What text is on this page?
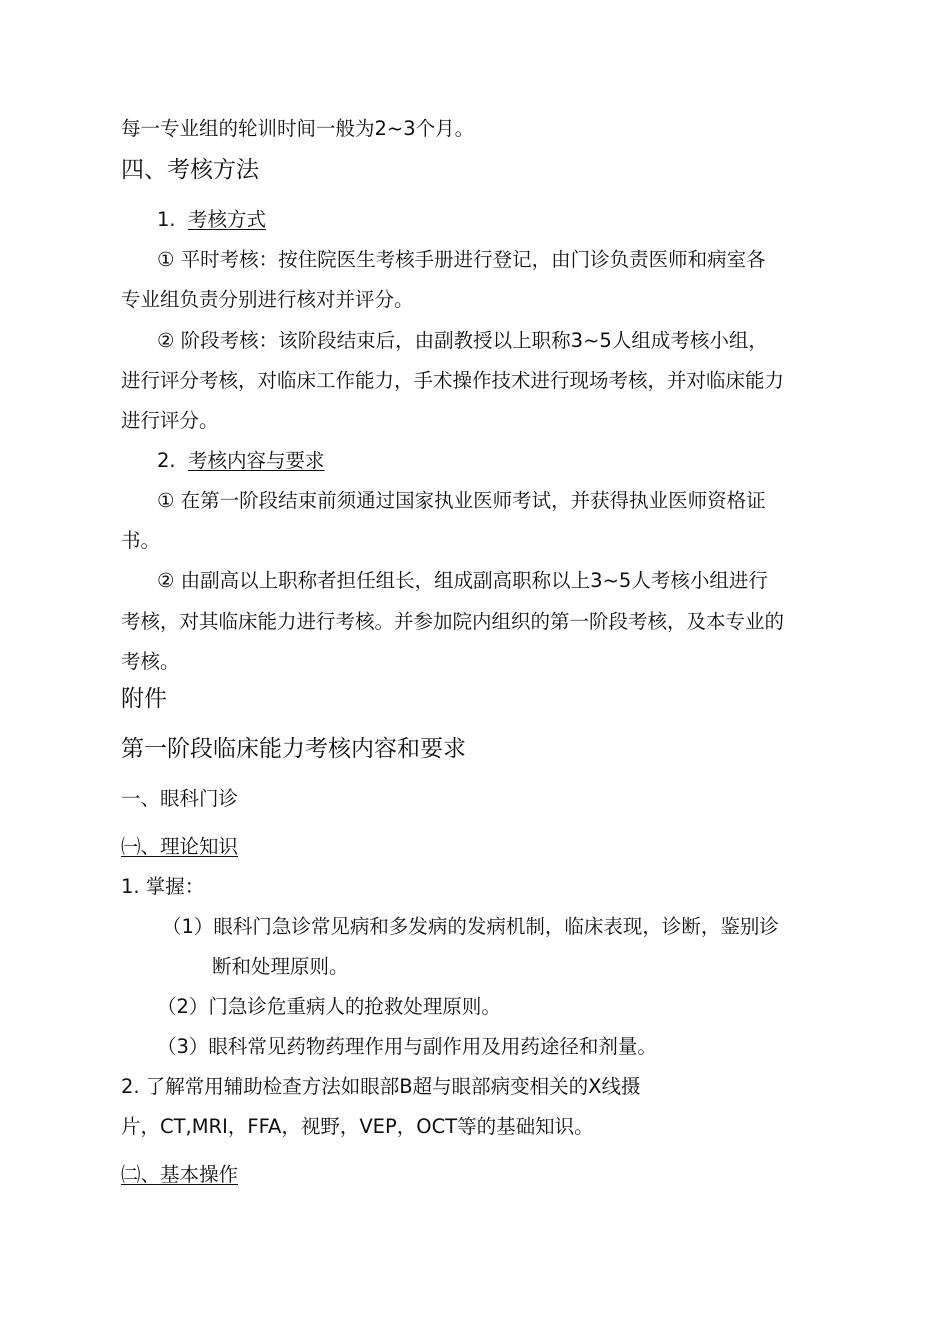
每一专业组的轮训时间一般为2~3个月。
四、考核方法
1. 考核方式
① 平时考核：按住院医生考核手册进行登记，由门诊负责医师和病室各
专业组负责分别进行核对并评分。
② 阶段考核：该阶段结束后，由副教授以上职称3~5人组成考核小组，
进行评分考核，对临床工作能力，手术操作技术进行现场考核，并对临床能力
进行评分。
2. 考核内容与要求
① 在第一阶段结束前须通过国家执业医师考试，并获得执业医师资格证
书。
② 由副高以上职称者担任组长，组成副高职称以上3~5人考核小组进行
考核，对其临床能力进行考核。并参加院内组织的第一阶段考核，及本专业的
考核。
附件
第一阶段临床能力考核内容和要求
一、眼科门诊
㈠、理论知识
1. 掌握：
（1）眼科门急诊常见病和多发病的发病机制，临床表现，诊断，鉴别诊
断和处理原则。
（2）门急诊危重病人的抢救处理原则。
（3）眼科常见药物药理作用与副作用及用药途径和剂量。
2. 了解常用辅助检查方法如眼部B超与眼部病变相关的X线摄
片，CT,MRI，FFA，视野，VEP，OCT等的基础知识。
㈡、基本操作
